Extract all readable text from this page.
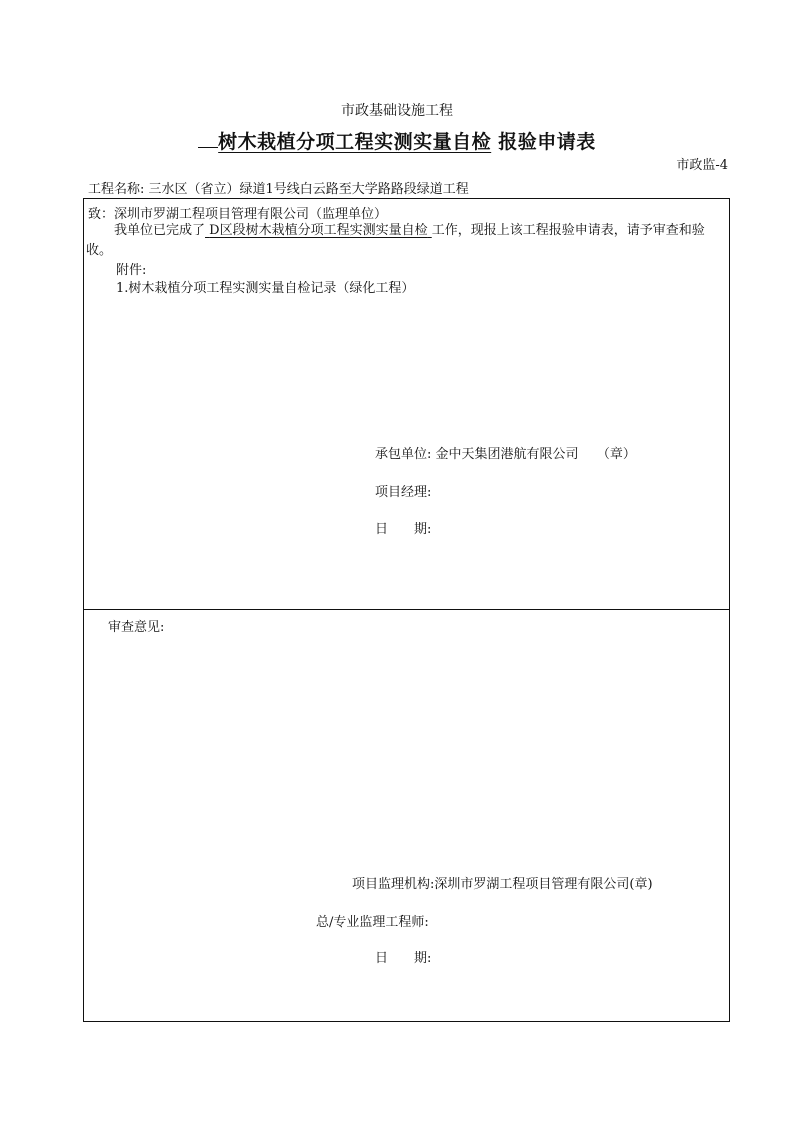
市政基础设施工程
树木栽植分项工程实测实量自检 报验申请表
市政监-4
工程名称: 三水区（省立）绿道1号线白云路至大学路路段绿道工程
致：深圳市罗湖工程项目管理有限公司（监理单位）
我单位已完成了 D区段树木栽植分项工程实测实量自检 工作，现报上该工程报验申请表，请予审查和验收。
附件:
1.树木栽植分项工程实测实量自检记录（绿化工程）
承包单位: 金中天集团港航有限公司 （章）
项目经理:
日　　期:
审查意见:
项目监理机构:深圳市罗湖工程项目管理有限公司(章)
总/专业监理工程师:
日　　期:
